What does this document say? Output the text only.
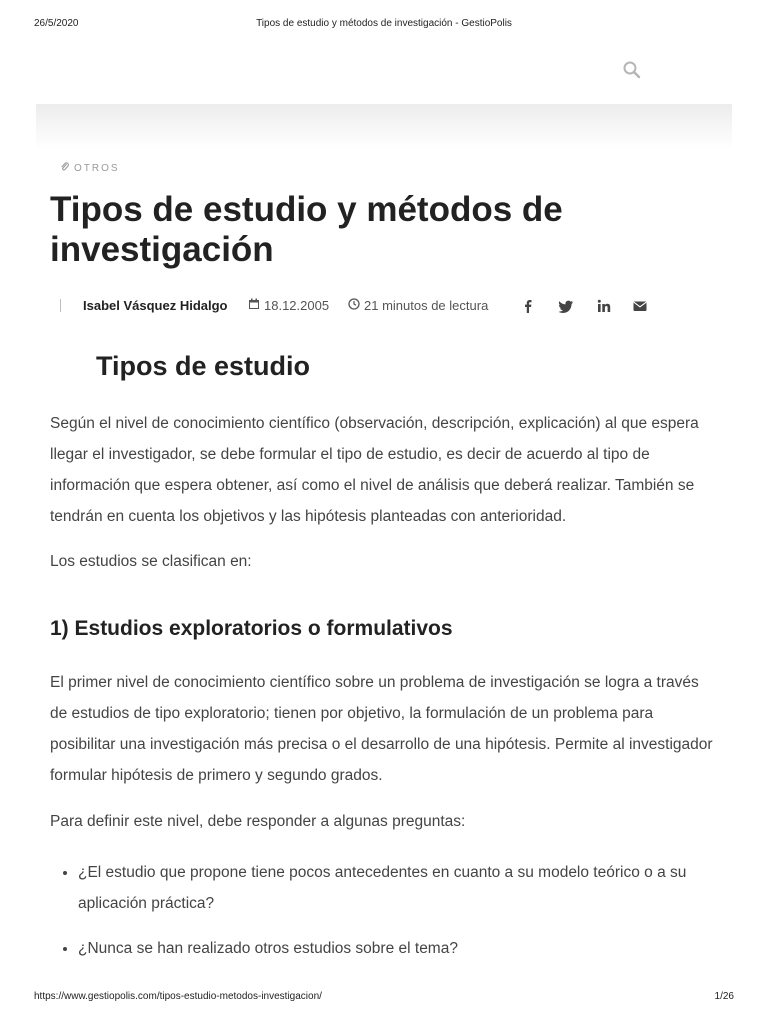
26/5/2020	Tipos de estudio y métodos de investigación - GestioPolis
OTROS
Tipos de estudio y métodos de investigación
Isabel Vásquez Hidalgo	18.12.2005	21 minutos de lectura
Tipos de estudio

Según el nivel de conocimiento científico (observación, descripción, explicación) al que espera llegar el investigador, se debe formular el tipo de estudio, es decir de acuerdo al tipo de información que espera obtener, así como el nivel de análisis que deberá realizar. También se tendrán en cuenta los objetivos y las hipótesis planteadas con anterioridad.

Los estudios se clasifican en:

1) Estudios exploratorios o formulativos

El primer nivel de conocimiento científico sobre un problema de investigación se logra a través de estudios de tipo exploratorio; tienen por objetivo, la formulación de un problema para posibilitar una investigación más precisa o el desarrollo de una hipótesis. Permite al investigador formular hipótesis de primero y segundo grados.

Para definir este nivel, debe responder a algunas preguntas:

• ¿El estudio que propone tiene pocos antecedentes en cuanto a su modelo teórico o a su aplicación práctica?
• ¿Nunca se han realizado otros estudios sobre el tema?
https://www.gestiopolis.com/tipos-estudio-metodos-investigacion/	1/26
